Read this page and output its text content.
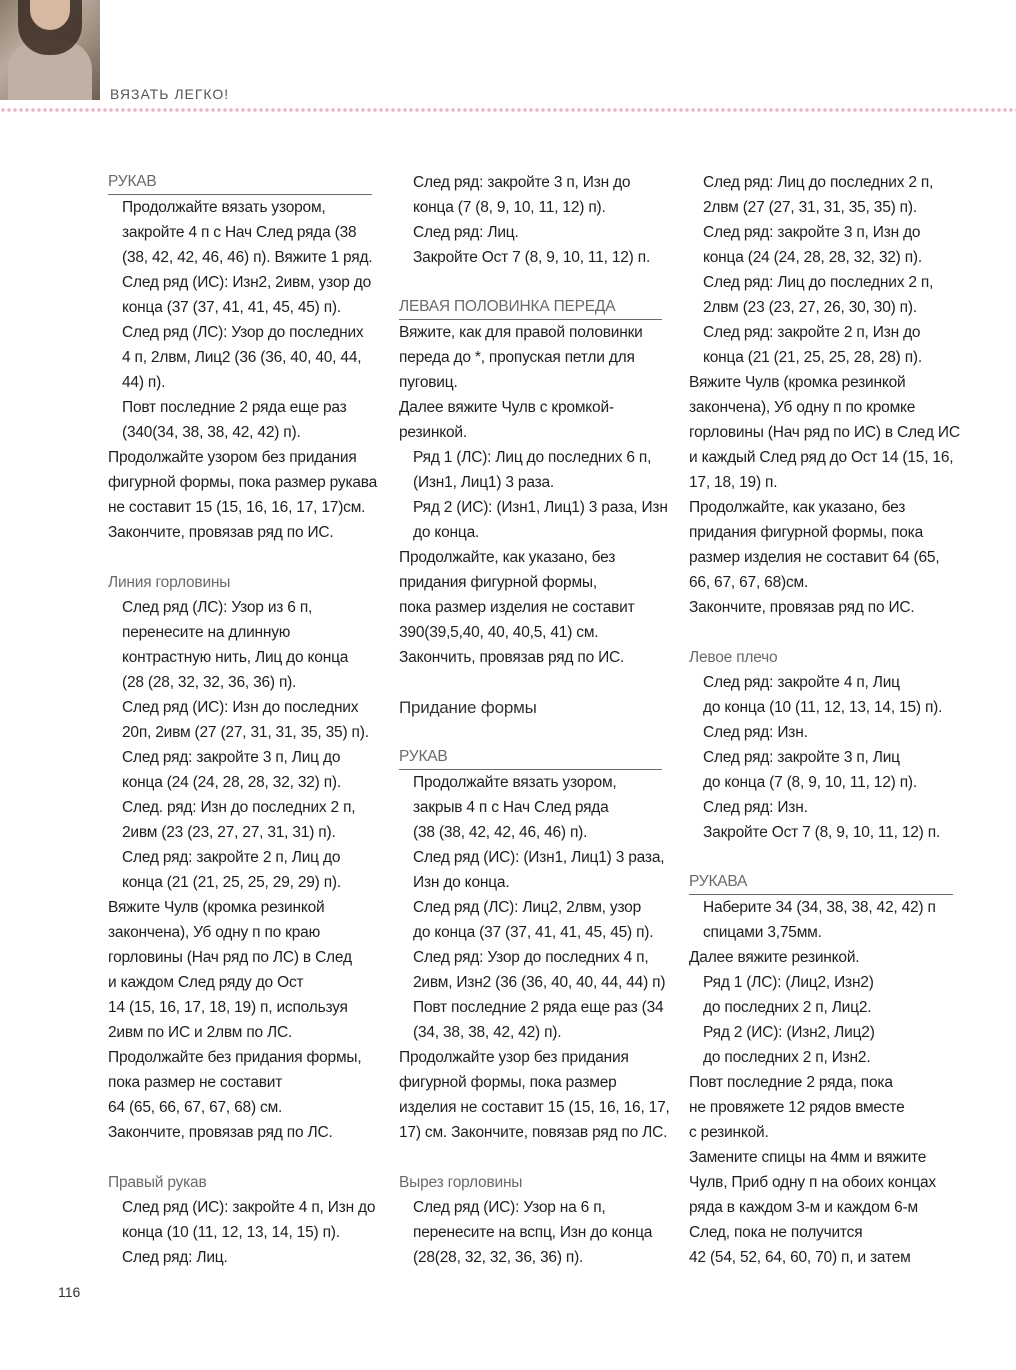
ВЯЗАТЬ ЛЕГКО!
РУКАВ
Продолжайте вязать узором,
закройте 4 п с Нач След ряда (38
(38, 42, 42, 46, 46) п). Вяжите 1 ряд.
След ряд (ИС): Изн2, 2ивм, узор до
конца (37 (37, 41, 41, 45, 45) п).
След ряд (ЛС): Узор до последних
4 п, 2лвм, Лиц2 (36 (36, 40, 40, 44,
44) п).
Повт последние 2 ряда еще раз
(340(34, 38, 38, 42, 42) п).
Продолжайте узором без придания
фигурной формы, пока размер рукава
не составит 15 (15, 16, 16, 17, 17)см.
Закончите, провязав ряд по ИС.
Линия горловины
След ряд (ЛС): Узор из 6 п,
перенесите на длинную
контрастную нить, Лиц до конца
(28 (28, 32, 32, 36, 36) п).
След ряд (ИС): Изн до последних
20п, 2ивм (27 (27, 31, 31, 35, 35) п).
След ряд: закройте 3 п, Лиц до
конца (24 (24, 28, 28, 32, 32) п).
След. ряд: Изн до последних 2 п,
2ивм (23 (23, 27, 27, 31, 31) п).
След ряд: закройте 2 п, Лиц до
конца (21 (21, 25, 25, 29, 29) п).
Вяжите Чулв (кромка резинкой
закончена), Уб одну п по краю
горловины (Нач ряд по ЛС) в След
и каждом След ряду до Ост
14 (15, 16, 17, 18, 19) п, используя
2ивм по ИС и 2лвм по ЛС.
Продолжайте без придания формы,
пока размер не составит
64 (65, 66, 67, 67, 68) см.
Закончите, провязав ряд по ЛС.
Правый рукав
След ряд (ИС): закройте 4 п, Изн до
конца (10 (11, 12, 13, 14, 15) п).
След ряд: Лиц.
След ряд: закройте 3 п, Изн до
конца (7 (8, 9, 10, 11, 12) п).
След ряд: Лиц.
Закройте Ост 7 (8, 9, 10, 11, 12) п.
ЛЕВАЯ ПОЛОВИНКА ПЕРЕДА
Вяжите, как для правой половинки
переда до *, пропуская петли для
пуговиц.
Далее вяжите Чулв с кромкой-
резинкой.
Ряд 1 (ЛС): Лиц до последних 6 п,
(Изн1, Лиц1) 3 раза.
Ряд 2 (ИС): (Изн1, Лиц1) 3 раза, Изн
до конца.
Продолжайте, как указано, без
придания фигурной формы,
пока размер изделия не составит
390(39,5,40, 40, 40,5, 41) см.
Закончить, провязав ряд по ИС.
Придание формы
РУКАВ
Продолжайте вязать узором,
закрыв 4 п с Нач След ряда
(38 (38, 42, 42, 46, 46) п).
След ряд (ИС): (Изн1, Лиц1) 3 раза,
Изн до конца.
След ряд (ЛС): Лиц2, 2лвм, узор
до конца (37 (37, 41, 41, 45, 45) п).
След ряд: Узор до последних 4 п,
2ивм, Изн2 (36 (36, 40, 40, 44, 44) п)
Повт последние 2 ряда еще раз (34
(34, 38, 38, 42, 42) п).
Продолжайте узор без придания
фигурной формы, пока размер
изделия не составит 15 (15, 16, 16, 17,
17) см. Закончите, повязав ряд по ЛС.
Вырез горловины
След ряд (ИС): Узор на 6 п,
перенесите на вспц, Изн до конца
(28(28, 32, 32, 36, 36) п).
След ряд: Лиц до последних 2 п,
2лвм (27 (27, 31, 31, 35, 35) п).
След ряд: закройте 3 п, Изн до
конца (24 (24, 28, 28, 32, 32) п).
След ряд: Лиц до последних 2 п,
2лвм (23 (23, 27, 26, 30, 30) п).
След ряд: закройте 2 п, Изн до
конца (21 (21, 25, 25, 28, 28) п).
Вяжите Чулв (кромка резинкой
закончена), Уб одну п по кромке
горловины (Нач ряд по ИС) в След ИС
и каждый След ряд до Ост 14 (15, 16,
17, 18, 19) п.
Продолжайте, как указано, без
придания фигурной формы, пока
размер изделия не составит 64 (65,
66, 67, 67, 68)см.
Закончите, провязав ряд по ИС.
Левое плечо
След ряд: закройте 4 п, Лиц
до конца (10 (11, 12, 13, 14, 15) п).
След ряд: Изн.
След ряд: закройте 3 п, Лиц
до конца (7 (8, 9, 10, 11, 12) п).
След ряд: Изн.
Закройте Ост 7 (8, 9, 10, 11, 12) п.
РУКАВА
Наберите 34 (34, 38, 38, 42, 42) п
спицами 3,75мм.
Далее вяжите резинкой.
Ряд 1 (ЛС): (Лиц2, Изн2)
до последних 2 п, Лиц2.
Ряд 2 (ИС): (Изн2, Лиц2)
до последних 2 п, Изн2.
Повт последние 2 ряда, пока
не провяжете 12 рядов вместе
с резинкой.
Замените спицы на 4мм и вяжите
Чулв, Приб одну п на обоих концах
ряда в каждом 3-м и каждом 6-м
След, пока не получится
42 (54, 52, 64, 60, 70) п, и затем
116
